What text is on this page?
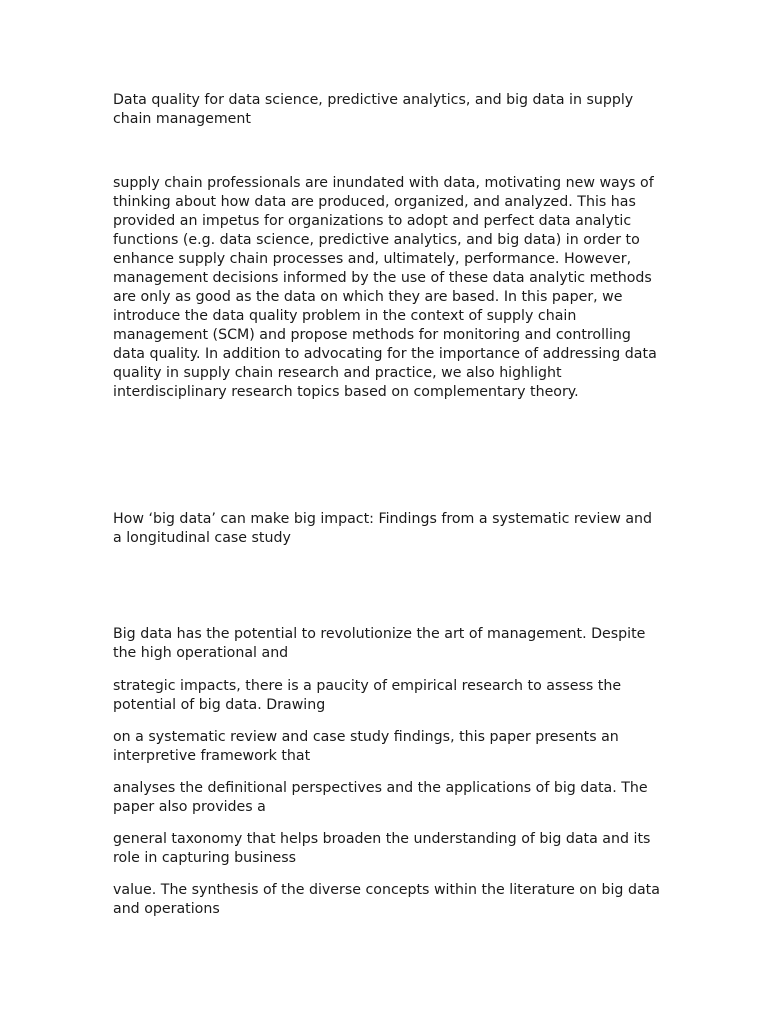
Data quality for data science, predictive analytics, and big data in supply chain management

supply chain professionals are inundated with data, motivating new ways of thinking about how data are produced, organized, and analyzed. This has provided an impetus for organizations to adopt and perfect data analytic functions (e.g. data science, predictive analytics, and big data) in order to enhance supply chain processes and, ultimately, performance. However, management decisions informed by the use of these data analytic methods are only as good as the data on which they are based. In this paper, we introduce the data quality problem in the context of supply chain management (SCM) and propose methods for monitoring and controlling data quality. In addition to advocating for the importance of addressing data quality in supply chain research and practice, we also highlight interdisciplinary research topics based on complementary theory.

How ‘big data’ can make big impact: Findings from a systematic review and a longitudinal case study

Big data has the potential to revolutionize the art of management. Despite the high operational and

strategic impacts, there is a paucity of empirical research to assess the potential of big data. Drawing

on a systematic review and case study findings, this paper presents an interpretive framework that

analyses the definitional perspectives and the applications of big data. The paper also provides a

general taxonomy that helps broaden the understanding of big data and its role in capturing business

value. The synthesis of the diverse concepts within the literature on big data and operations
